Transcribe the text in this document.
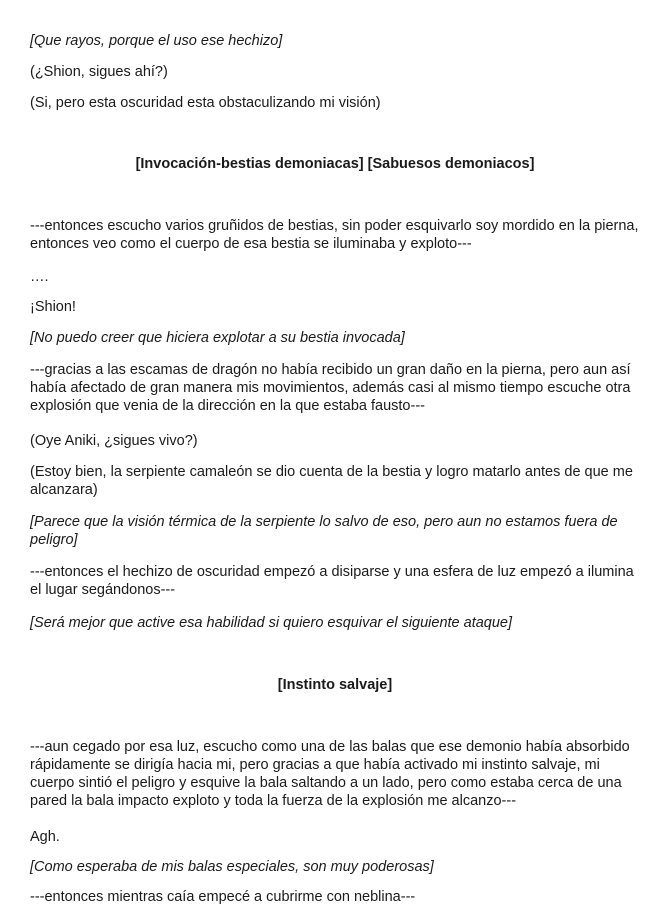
[Que rayos, porque el uso ese hechizo]

(¿Shion, sigues ahí?)

(Si, pero esta oscuridad esta obstaculizando mi visión)

[Invocación-bestias demoniacas] [Sabuesos demoniacos]

---entonces escucho varios gruñidos de bestias, sin poder esquivarlo soy mordido en la pierna, entonces veo como el cuerpo de esa bestia se iluminaba y exploto---

….

¡Shion!

[No puedo creer que hiciera explotar a su bestia invocada]

---gracias a las escamas de dragón no había recibido un gran daño en la pierna, pero aun así había afectado de gran manera mis movimientos, además casi al mismo tiempo escuche otra explosión que venia de la dirección en la que estaba fausto---

(Oye Aniki, ¿sigues vivo?)

(Estoy bien, la serpiente camaleón se dio cuenta de la bestia y logro matarlo antes de que me alcanzara)

[Parece que la visión térmica de la serpiente lo salvo de eso, pero aun no estamos fuera de peligro]

---entonces el hechizo de oscuridad empezó a disiparse y una esfera de luz empezó a ilumina el lugar segándonos---

[Será mejor que active esa habilidad si quiero esquivar el siguiente ataque]

[Instinto salvaje]

---aun cegado por esa luz, escucho como una de las balas que ese demonio había absorbido rápidamente se dirigía hacia mi, pero gracias a que había activado mi instinto salvaje, mi cuerpo sintió el peligro y esquive la bala saltando a un lado, pero como estaba cerca de una pared la bala impacto exploto y toda la fuerza de la explosión me alcanzo---

Agh.

[Como esperaba de mis balas especiales, son muy poderosas]

---entonces mientras caía empecé a cubrirme con neblina---
